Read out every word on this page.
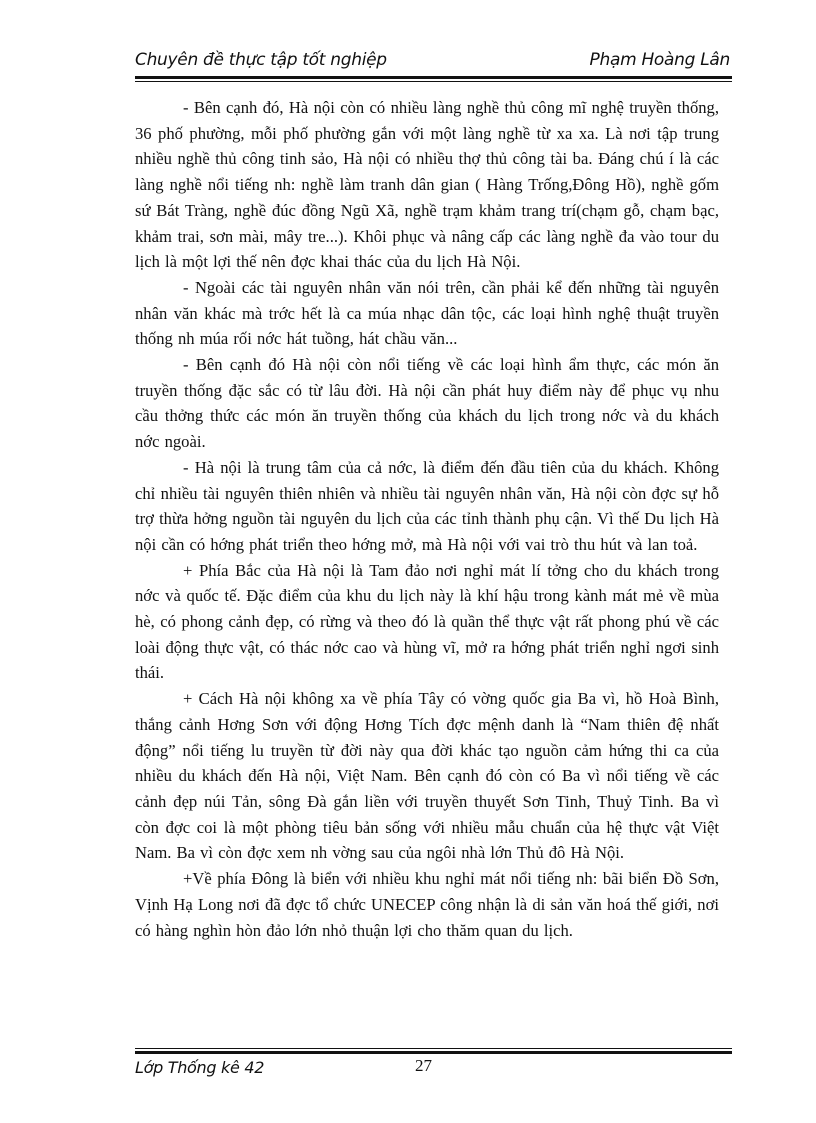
Chuyên đề thực tập tốt nghiệp	Phạm Hoàng Lân

- Bên cạnh đó, Hà nội còn có nhiều làng nghề thủ công mĩ nghệ truyền thống, 36 phố phường, mỗi phố phường gắn với một làng nghề từ xa xa. Là nơi tập trung nhiều nghề thủ công tinh sảo, Hà nội có nhiều thợ thủ công tài ba. Đáng chú í là các làng nghề nổi tiếng nh: nghề làm tranh dân gian ( Hàng Trống,Đông Hồ), nghề gốm sứ Bát Tràng, nghề đúc đồng Ngũ Xã, nghề trạm khảm trang trí(chạm gỗ, chạm bạc, khảm trai, sơn mài, mây tre...). Khôi phục và nâng cấp các làng nghề đa vào tour du lịch là một lợi thế nên đợc khai thác của du lịch Hà Nội.

- Ngoài các tài nguyên nhân văn nói trên, cần phải kể đến những tài nguyên nhân văn khác mà trớc hết là ca múa nhạc dân tộc, các loại hình nghệ thuật truyền thống nh múa rối nớc hát tuồng, hát chầu văn...

- Bên cạnh đó Hà nội còn nổi tiếng về các loại hình ẩm thực, các món ăn truyền thống đặc sắc có từ lâu đời. Hà nội cần phát huy điểm này để phục vụ nhu cầu thởng thức các món ăn truyền thống của khách du lịch trong nớc và du khách nớc ngoài.

- Hà nội là trung tâm của cả nớc, là điểm đến đầu tiên của du khách. Không chỉ nhiều tài nguyên thiên nhiên và nhiều tài nguyên nhân văn, Hà nội còn đợc sự hỗ trợ thừa hởng nguồn tài nguyên du lịch của các tỉnh thành phụ cận. Vì thế Du lịch Hà nội cần có hớng phát triển theo hớng mở, mà Hà nội với vai trò thu hút và lan toả.

+ Phía Bắc của Hà nội là Tam đảo nơi nghỉ mát lí tởng cho du khách trong nớc và quốc tế. Đặc điểm của khu du lịch này là khí hậu trong kành mát mẻ về mùa hè, có phong cảnh đẹp, có rừng và theo đó là quần thể thực vật rất phong phú về các loài động thực vật, có thác nớc cao và hùng vĩ, mở ra hớng phát triển nghỉ ngơi sinh thái.

+ Cách Hà nội không xa về phía Tây có vờng quốc gia Ba vì, hồ Hoà Bình, thắng cảnh Hơng Sơn với động Hơng Tích đợc mệnh danh là “Nam thiên đệ nhất động” nổi tiếng lu truyền từ đời này qua đời khác tạo nguồn cảm hứng thi ca của nhiều du khách đến Hà nội, Việt Nam. Bên cạnh đó còn có Ba vì nổi tiếng về các cảnh đẹp núi Tản, sông Đà gắn liền với truyền thuyết Sơn Tinh, Thuỷ Tinh. Ba vì còn đợc coi là một phòng tiêu bản sống với nhiều mẫu chuẩn của hệ thực vật Việt Nam. Ba vì còn đợc xem nh vờng sau của ngôi nhà lớn Thủ đô Hà Nội.

+Về phía Đông là biển với nhiều khu nghỉ mát nổi tiếng nh: bãi biển Đồ Sơn, Vịnh Hạ Long nơi đã đợc tổ chức UNECEP công nhận là di sản văn hoá thế giới, nơi có hàng nghìn hòn đảo lớn nhỏ thuận lợi cho thăm quan du lịch.

Lớp Thống kê 42	27
